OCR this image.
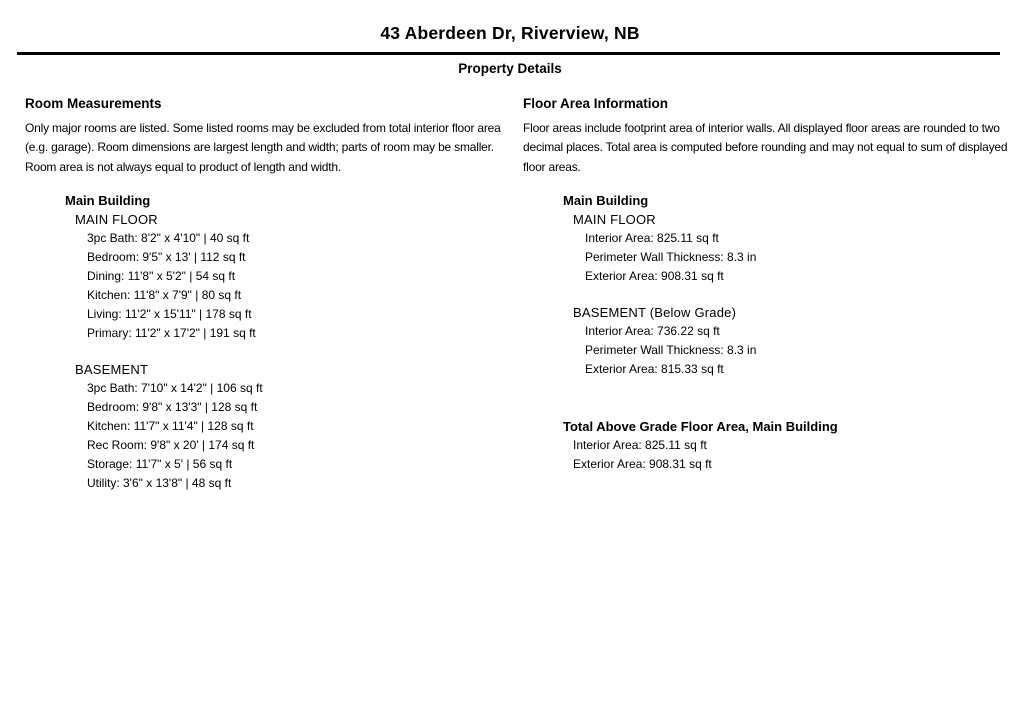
43 Aberdeen Dr, Riverview, NB
Property Details
Room Measurements
Only major rooms are listed. Some listed rooms may be excluded from total interior floor area
(e.g. garage). Room dimensions are largest length and width; parts of room may be smaller.
Room area is not always equal to product of length and width.
Main Building
MAIN FLOOR
3pc Bath: 8'2" x 4'10" | 40 sq ft
Bedroom: 9'5" x 13' | 112 sq ft
Dining: 11'8" x 5'2" | 54 sq ft
Kitchen: 11'8" x 7'9" | 80 sq ft
Living: 11'2" x 15'11" | 178 sq ft
Primary: 11'2" x 17'2" | 191 sq ft
BASEMENT
3pc Bath: 7'10" x 14'2" | 106 sq ft
Bedroom: 9'8" x 13'3" | 128 sq ft
Kitchen: 11'7" x 11'4" | 128 sq ft
Rec Room: 9'8" x 20' | 174 sq ft
Storage: 11'7" x 5' | 56 sq ft
Utility: 3'6" x 13'8" | 48 sq ft
Floor Area Information
Floor areas include footprint area of interior walls. All displayed floor areas are rounded to two
decimal places. Total area is computed before rounding and may not equal to sum of displayed
floor areas.
Main Building
MAIN FLOOR
Interior Area: 825.11 sq ft
Perimeter Wall Thickness: 8.3 in
Exterior Area: 908.31 sq ft
BASEMENT (Below Grade)
Interior Area: 736.22 sq ft
Perimeter Wall Thickness: 8.3 in
Exterior Area: 815.33 sq ft
Total Above Grade Floor Area, Main Building
Interior Area: 825.11 sq ft
Exterior Area: 908.31 sq ft
